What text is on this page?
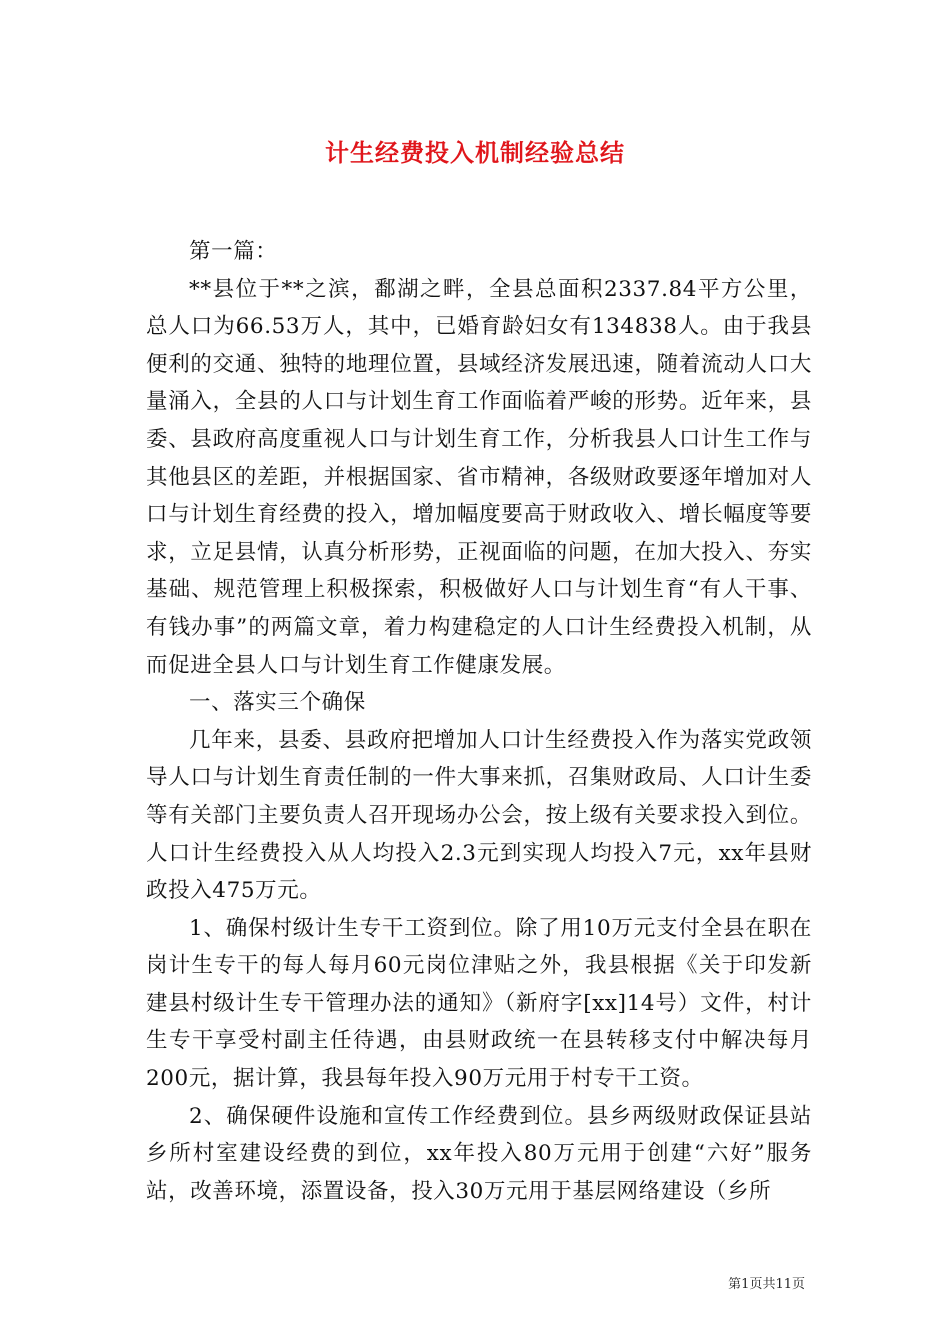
计生经费投入机制经验总结

第一篇：

**县位于**之滨，鄱湖之畔，全县总面积2337.84平方公里，总人口为66.53万人，其中，已婚育龄妇女有134838人。由于我县便利的交通、独特的地理位置，县域经济发展迅速，随着流动人口大量涌入，全县的人口与计划生育工作面临着严峻的形势。近年来，县委、县政府高度重视人口与计划生育工作，分析我县人口计生工作与其他县区的差距，并根据国家、省市精神，各级财政要逐年增加对人口与计划生育经费的投入，增加幅度要高于财政收入、增长幅度等要求，立足县情，认真分析形势，正视面临的问题，在加大投入、夯实基础、规范管理上积极探索，积极做好人口与计划生育“有人干事、有钱办事”的两篇文章，着力构建稳定的人口计生经费投入机制，从而促进全县人口与计划生育工作健康发展。

一、落实三个确保

几年来，县委、县政府把增加人口计生经费投入作为落实党政领导人口与计划生育责任制的一件大事来抓，召集财政局、人口计生委等有关部门主要负责人召开现场办公会，按上级有关要求投入到位。人口计生经费投入从人均投入2.3元到实现人均投入7元，xx年县财政投入475万元。

1、确保村级计生专干工资到位。除了用10万元支付全县在职在岗计生专干的每人每月60元岗位津贴之外，我县根据《关于印发新建县村级计生专干管理办法的通知》（新府字[xx]14号）文件，村计生专干享受村副主任待遇，由县财政统一在县转移支付中解决每月200元，据计算，我县每年投入90万元用于村专干工资。

2、确保硬件设施和宣传工作经费到位。县乡两级财政保证县站乡所村室建设经费的到位，xx年投入80万元用于创建“六好”服务站，改善环境，添置设备，投入30万元用于基层网络建设（乡所

第1页共11页
